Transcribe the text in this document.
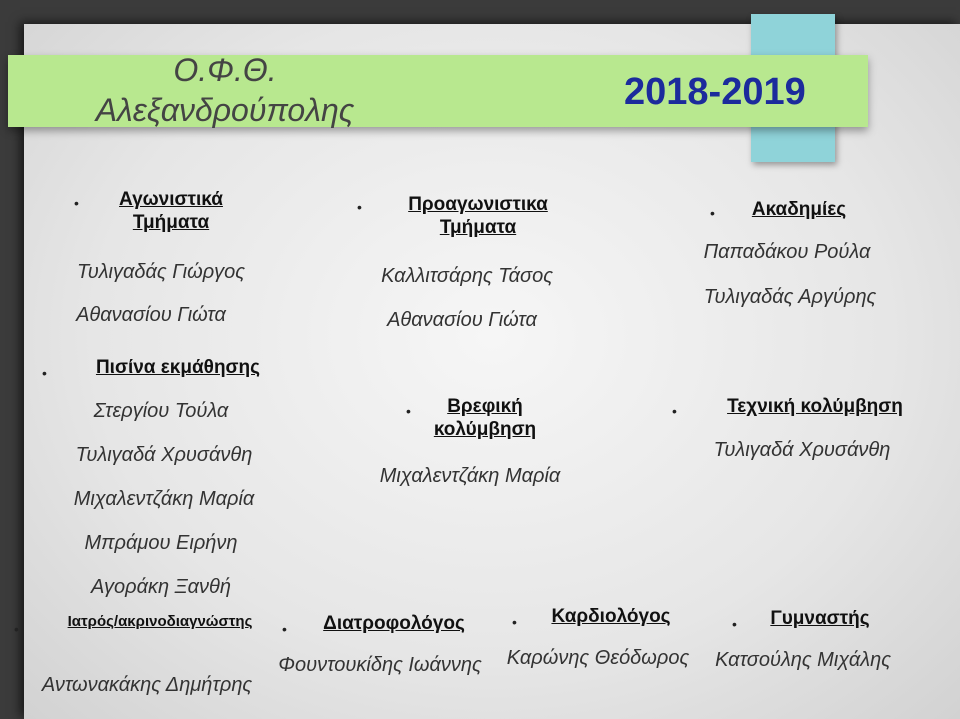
Ο.Φ.Θ.
Αλεξανδρούπολης	2018-2019
•	Αγωνιστικά Τμήματα
Τυλιγαδάς Γιώργος
Αθανασίου Γιώτα
•	Προαγωνιστικα Τμήματα
Καλλιτσάρης Τάσος
Αθανασίου Γιώτα
•	Ακαδημίες
Παπαδάκου Ρούλα
Τυλιγαδάς Αργύρης
•	Πισίνα εκμάθησης
Στεργίου Τούλα
Τυλιγαδά Χρυσάνθη
Μιχαλεντζάκη Μαρία
Μπράμου Ειρήνη
Αγοράκη Ξανθή
•	Βρεφική κολύμβηση
Μιχαλεντζάκη Μαρία
•	Τεχνική κολύμβηση
Τυλιγαδά Χρυσάνθη
•	Ιατρός/ακρινοδιαγνώστης
Αντωνακάκης Δημήτρης
•	Διατροφολόγος
Φουντουκίδης Ιωάννης
•	Καρδιολόγος
Καρώνης Θεόδωρος
•	Γυμναστής
Κατσούλης Μιχάλης
